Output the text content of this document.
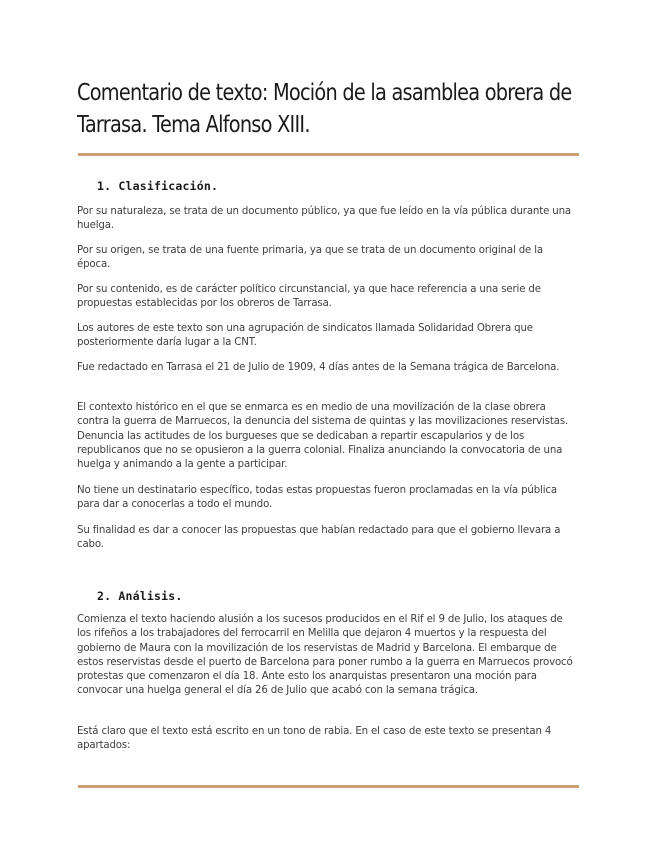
Comentario de texto: Moción de la asamblea obrera de Tarrasa. Tema Alfonso XIII.
1. Clasificación.

Por su naturaleza, se trata de un documento público, ya que fue leído en la vía pública durante una huelga.

Por su origen, se trata de una fuente primaria, ya que se trata de un documento original de la época.

Por su contenido, es de carácter político circunstancial, ya que hace referencia a una serie de propuestas establecidas por los obreros de Tarrasa.

Los autores de este texto son una agrupación de sindicatos llamada Solidaridad Obrera que posteriormente daría lugar a la CNT.

Fue redactado en Tarrasa el 21 de Julio de 1909, 4 días antes de la Semana trágica de Barcelona.

El contexto histórico en el que se enmarca es en medio de una movilización de la clase obrera contra la guerra de Marruecos, la denuncia del sistema de quintas y las movilizaciones reservistas. Denuncia las actitudes de los burgueses que se dedicaban a repartir escapularios y de los republicanos que no se opusieron a la guerra colonial. Finaliza anunciando la convocatoria de una huelga y animando a la gente a participar.

No tiene un destinatario específico, todas estas propuestas fueron proclamadas en la vía pública para dar a conocerlas a todo el mundo.

Su finalidad es dar a conocer las propuestas que habían redactado para que el gobierno llevara a cabo.

2. Análisis.

Comienza el texto haciendo alusión a los sucesos producidos en el Rif el 9 de Julio, los ataques de los rifeños a los trabajadores del ferrocarril en Melilla que dejaron 4 muertos y la respuesta del gobierno de Maura con la movilización de los reservistas de Madrid y Barcelona. El embarque de estos reservistas desde el puerto de Barcelona para poner rumbo a la guerra en Marruecos provocó protestas que comenzaron el día 18. Ante esto los anarquistas presentaron una moción para convocar una huelga general el día 26 de Julio que acabó con la semana trágica.

Está claro que el texto está escrito en un tono de rabia. En el caso de este texto se presentan 4 apartados:
